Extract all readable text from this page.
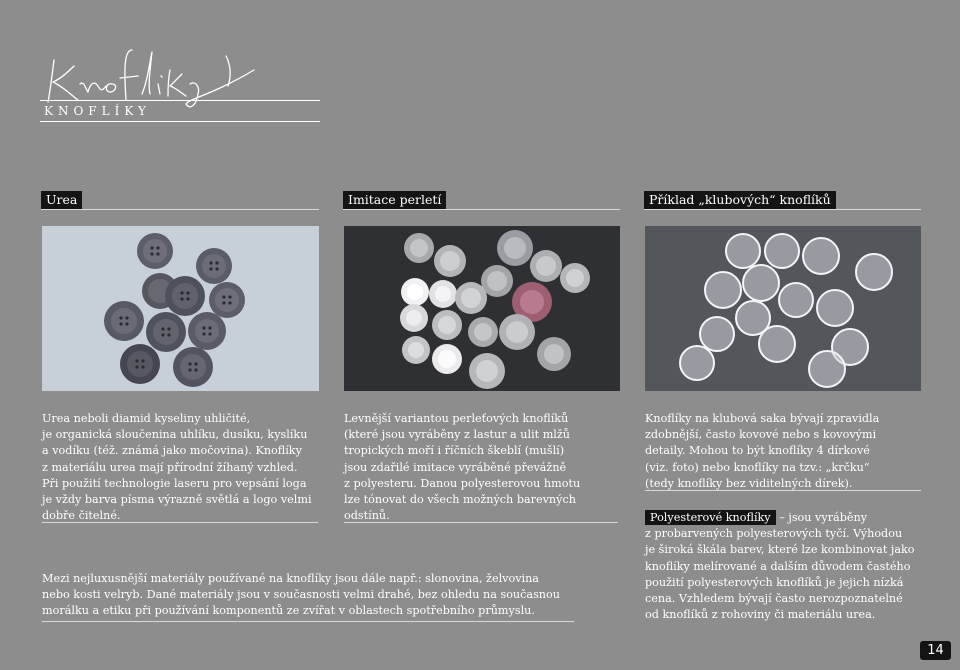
KNOFLÍKY
Urea	Imitace perletí	Příklad „klubových“ knoflíků

Urea neboli diamid kyseliny uhličité,
je organická sloučenina uhlíku, dusíku, kyslíku
a vodíku (též. známá jako močovina). Knoflíky
z materiálu urea mají přírodní žíhaný vzhled.
Při použití technologie laseru pro vepsání loga
je vždy barva písma výrazně světlá a logo velmi
dobře čitelné.

Levnější variantou perleťových knoflíků
(které jsou vyráběny z lastur a ulit mlžů
tropických moří i říčních škeblí (mušlí)
jsou zdařilé imitace vyráběné převážně
z polyesteru. Danou polyesterovou hmotu
lze tónovat do všech možných barevných
odstínů.

Knoflíky na klubová saka bývají zpravidla
zdobnější, často kovové nebo s kovovými
detaily. Mohou to být knoflíky 4 dírkové
(viz. foto) nebo knoflíky na tzv.: „krčku“
(tedy knoflíky bez viditelných dírek).

Polyesterové knoflíky – jsou vyráběny
z probarvených polyesterových tyčí. Výhodou
je široká škála barev, které lze kombinovat jako
knoflíky melírované a dalším důvodem častého
použití polyesterových knoflíků je jejich nízká
cena. Vzhledem bývají často nerozpoznatelné
od knoflíků z rohoviny či materiálu urea.

Mezi nejluxusnější materiály používané na knoflíky jsou dále např.: slonovina, želvovina
nebo kosti velryb. Dané materiály jsou v současnosti velmi drahé, bez ohledu na současnou
morálku a etiku při používání komponentů ze zvířat v oblastech spotřebního průmyslu.

14
